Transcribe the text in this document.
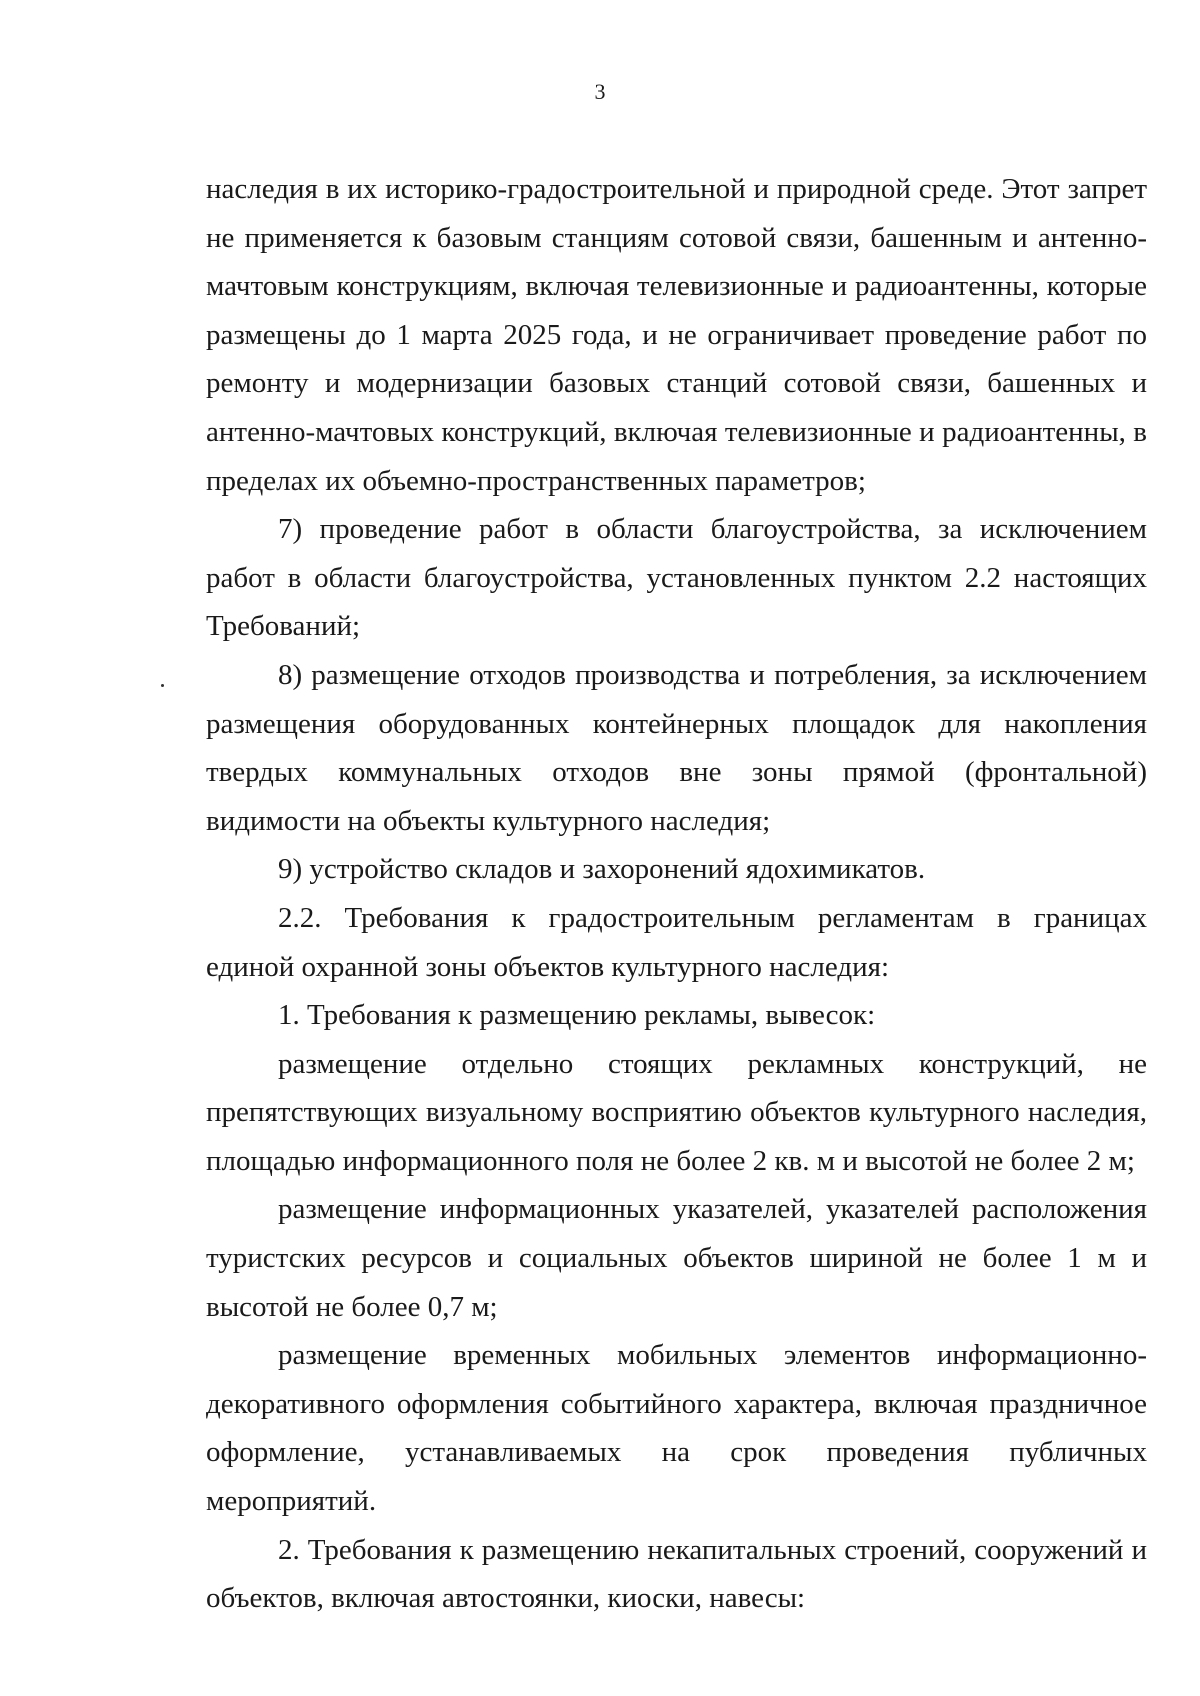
3

наследия в их историко-градостроительной и природной среде. Этот запрет не применяется к базовым станциям сотовой связи, башенным и антенно-мачтовым конструкциям, включая телевизионные и радиоантенны, которые размещены до 1 марта 2025 года, и не ограничивает проведение работ по ремонту и модернизации базовых станций сотовой связи, башенных и антенно-мачтовых конструкций, включая телевизионные и радиоантенны, в пределах их объемно-пространственных параметров;

7) проведение работ в области благоустройства, за исключением работ в области благоустройства, установленных пунктом 2.2 настоящих Требований;

8) размещение отходов производства и потребления, за исключением размещения оборудованных контейнерных площадок для накопления твердых коммунальных отходов вне зоны прямой (фронтальной) видимости на объекты культурного наследия;

9) устройство складов и захоронений ядохимикатов.

2.2. Требования к градостроительным регламентам в границах единой охранной зоны объектов культурного наследия:

1. Требования к размещению рекламы, вывесок:

размещение отдельно стоящих рекламных конструкций, не препятствующих визуальному восприятию объектов культурного наследия, площадью информационного поля не более 2 кв. м и высотой не более 2 м;

размещение информационных указателей, указателей расположения туристских ресурсов и социальных объектов шириной не более 1 м и высотой не более 0,7 м;

размещение временных мобильных элементов информационно-декоративного оформления событийного характера, включая праздничное оформление, устанавливаемых на срок проведения публичных мероприятий.

2. Требования к размещению некапитальных строений, сооружений и объектов, включая автостоянки, киоски, навесы:
